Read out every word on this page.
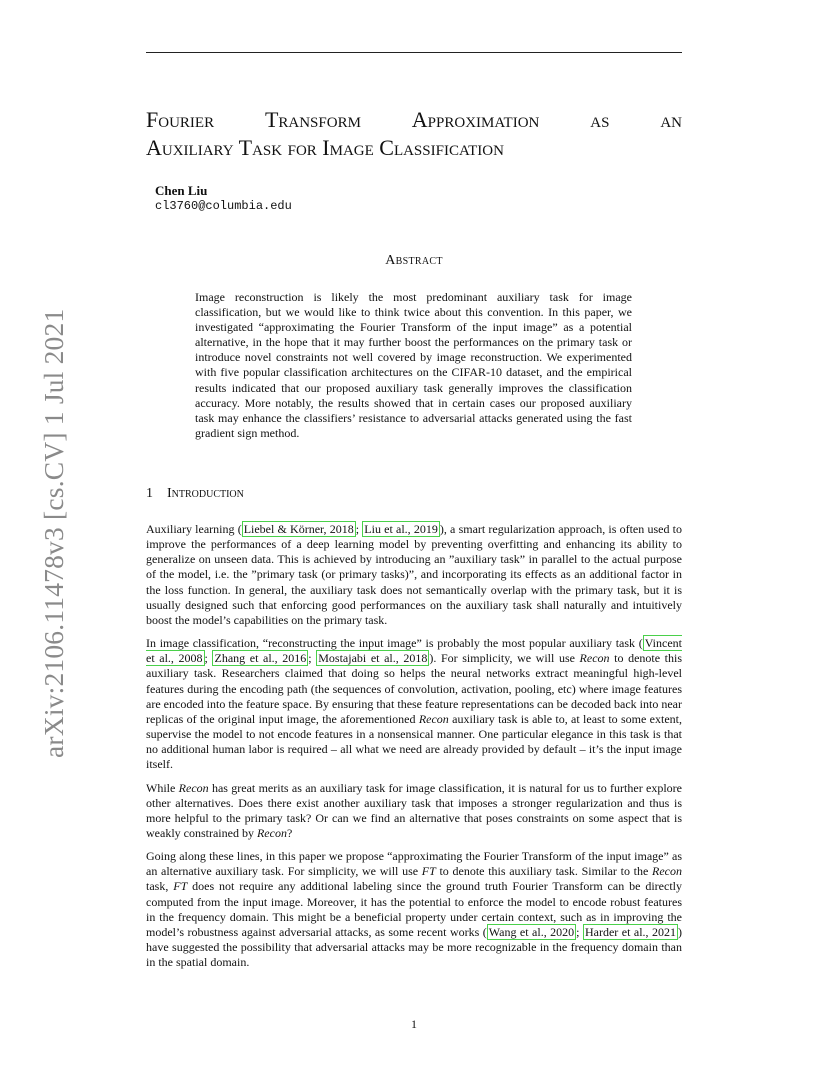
arXiv:2106.11478v3 [cs.CV] 1 Jul 2021
Fourier Transform Approximation as an
Auxiliary Task for Image Classification
Chen Liu
cl3760@columbia.edu
Abstract

Image reconstruction is likely the most predominant auxiliary task for image classification, but we would like to think twice about this convention. In this paper, we investigated “approximating the Fourier Transform of the input image” as a potential alternative, in the hope that it may further boost the performances on the primary task or introduce novel constraints not well covered by image reconstruction. We experimented with five popular classification architectures on the CIFAR-10 dataset, and the empirical results indicated that our proposed auxiliary task generally improves the classification accuracy. More notably, the results showed that in certain cases our proposed auxiliary task may enhance the classifiers’ resistance to adversarial attacks generated using the fast gradient sign method.

1 Introduction

Auxiliary learning ( Liebel & Körner, 2018 ; Liu et al., 2019 ), a smart regularization approach, is often used to improve the performances of a deep learning model by preventing overfitting and enhancing its ability to generalize on unseen data. This is achieved by introducing an ”auxiliary task” in parallel to the actual purpose of the model, i.e. the ”primary task (or primary tasks)”, and incorporating its effects as an additional factor in the loss function. In general, the auxiliary task does not semantically overlap with the primary task, but it is usually designed such that enforcing good performances on the auxiliary task shall naturally and intuitively boost the model’s capabilities on the primary task.

In image classification, “reconstructing the input image” is probably the most popular auxiliary task ( Vincent et al., 2008 ; Zhang et al., 2016 ; Mostajabi et al., 2018 ). For simplicity, we will use Recon to denote this auxiliary task. Researchers claimed that doing so helps the neural networks extract meaningful high-level features during the encoding path (the sequences of convolution, activation, pooling, etc) where image features are encoded into the feature space. By ensuring that these feature representations can be decoded back into near replicas of the original input image, the aforementioned Recon auxiliary task is able to, at least to some extent, supervise the model to not encode features in a nonsensical manner. One particular elegance in this task is that no additional human labor is required – all what we need are already provided by default – it’s the input image itself.

While Recon has great merits as an auxiliary task for image classification, it is natural for us to further explore other alternatives. Does there exist another auxiliary task that imposes a stronger regularization and thus is more helpful to the primary task? Or can we find an alternative that poses constraints on some aspect that is weakly constrained by Recon?

Going along these lines, in this paper we propose “approximating the Fourier Transform of the input image” as an alternative auxiliary task. For simplicity, we will use FT to denote this auxiliary task. Similar to the Recon task, FT does not require any additional labeling since the ground truth Fourier Transform can be directly computed from the input image. Moreover, it has the potential to enforce the model to encode robust features in the frequency domain. This might be a beneficial property under certain context, such as in improving the model’s robustness against adversarial attacks, as some recent works ( Wang et al., 2020 ; Harder et al., 2021 ) have suggested the possibility that adversarial attacks may be more recognizable in the frequency domain than in the spatial domain.

1
